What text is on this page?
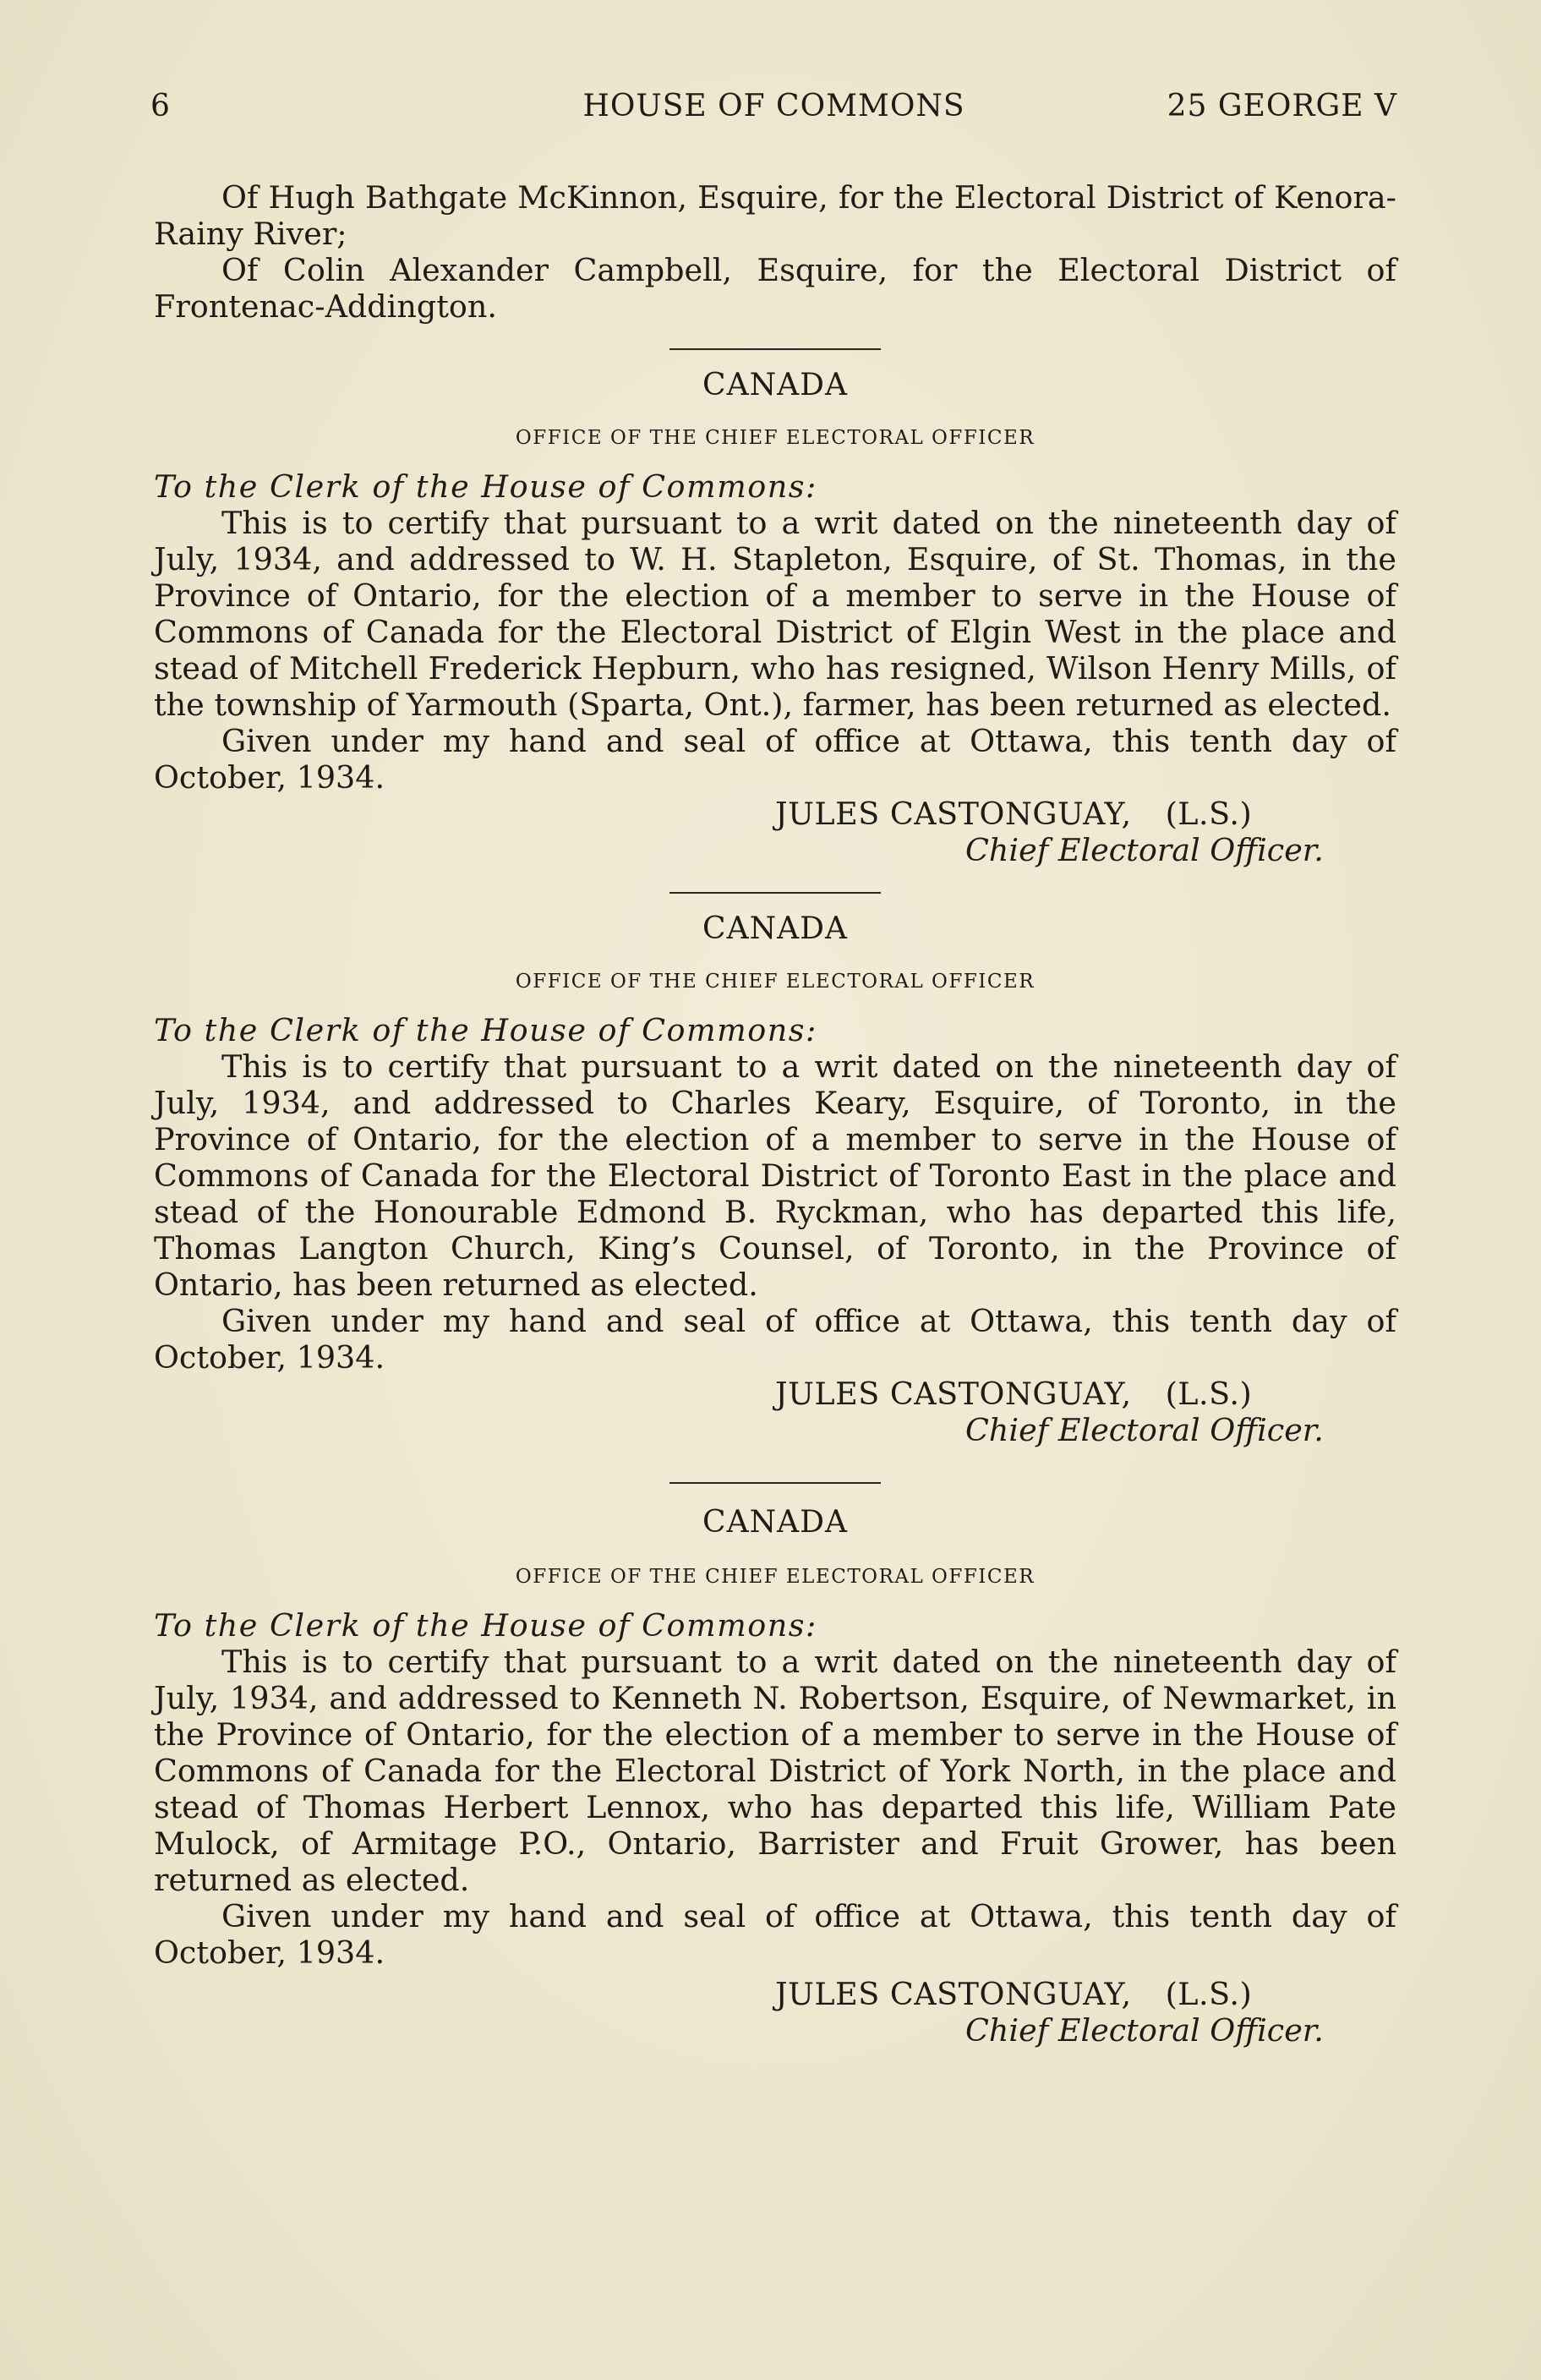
6	HOUSE OF COMMONS	25 GEORGE V

Of Hugh Bathgate McKinnon, Esquire, for the Electoral District of Kenora-Rainy River;

Of Colin Alexander Campbell, Esquire, for the Electoral District of Frontenac-Addington.

CANADA
OFFICE OF THE CHIEF ELECTORAL OFFICER

To the Clerk of the House of Commons:

This is to certify that pursuant to a writ dated on the nineteenth day of July, 1934, and addressed to W. H. Stapleton, Esquire, of St. Thomas, in the Province of Ontario, for the election of a member to serve in the House of Commons of Canada for the Electoral District of Elgin West in the place and stead of Mitchell Frederick Hepburn, who has resigned, Wilson Henry Mills, of the township of Yarmouth (Sparta, Ont.), farmer, has been returned as elected.

Given under my hand and seal of office at Ottawa, this tenth day of October, 1934.

JULES CASTONGUAY, (L.S.)
Chief Electoral Officer.
CANADA
OFFICE OF THE CHIEF ELECTORAL OFFICER

To the Clerk of the House of Commons:

This is to certify that pursuant to a writ dated on the nineteenth day of July, 1934, and addressed to Charles Keary, Esquire, of Toronto, in the Province of Ontario, for the election of a member to serve in the House of Commons of Canada for the Electoral District of Toronto East in the place and stead of the Honourable Edmond B. Ryckman, who has departed this life, Thomas Langton Church, King’s Counsel, of Toronto, in the Province of Ontario, has been returned as elected.

Given under my hand and seal of office at Ottawa, this tenth day of October, 1934.

JULES CASTONGUAY, (L.S.)
Chief Electoral Officer.
CANADA
OFFICE OF THE CHIEF ELECTORAL OFFICER

To the Clerk of the House of Commons:

This is to certify that pursuant to a writ dated on the nineteenth day of July, 1934, and addressed to Kenneth N. Robertson, Esquire, of Newmarket, in the Province of Ontario, for the election of a member to serve in the House of Commons of Canada for the Electoral District of York North, in the place and stead of Thomas Herbert Lennox, who has departed this life, William Pate Mulock, of Armitage P.O., Ontario, Barrister and Fruit Grower, has been returned as elected.

Given under my hand and seal of office at Ottawa, this tenth day of October, 1934.

JULES CASTONGUAY, (L.S.)
Chief Electoral Officer.
